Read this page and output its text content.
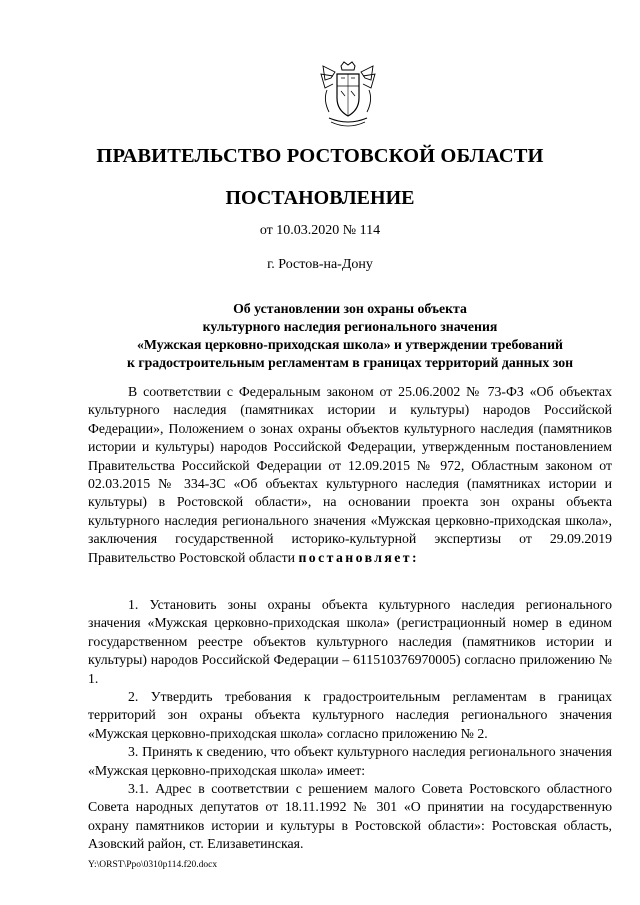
ПРАВИТЕЛЬСТВО РОСТОВСКОЙ ОБЛАСТИ
ПОСТАНОВЛЕНИЕ
от 10.03.2020 № 114
г. Ростов-на-Дону
Об установлении зон охраны объекта
культурного наследия регионального значения
«Мужская церковно-приходская школа» и утверждении требований
к градостроительным регламентам в границах территорий данных зон

В соответствии с Федеральным законом от 25.06.2002 № 73-ФЗ «Об объектах культурного наследия (памятниках истории и культуры) народов Российской Федерации», Положением о зонах охраны объектов культурного наследия (памятников истории и культуры) народов Российской Федерации, утвержденным постановлением Правительства Российской Федерации от 12.09.2015 № 972, Областным законом от 02.03.2015 № 334-ЗС «Об объектах культурного наследия (памятниках истории и культуры) в Ростовской области», на основании проекта зон охраны объекта культурного наследия регионального значения «Мужская церковно-приходская школа», заключения государственной историко-культурной экспертизы от 29.09.2019 Правительство Ростовской области постановляет:

1. Установить зоны охраны объекта культурного наследия регионального значения «Мужская церковно-приходская школа» (регистрационный номер в едином государственном реестре объектов культурного наследия (памятников истории и культуры) народов Российской Федерации – 611510376970005) согласно приложению № 1.

2. Утвердить требования к градостроительным регламентам в границах территорий зон охраны объекта культурного наследия регионального значения «Мужская церковно-приходская школа» согласно приложению № 2.

3. Принять к сведению, что объект культурного наследия регионального значения «Мужская церковно-приходская школа» имеет:

3.1. Адрес в соответствии с решением малого Совета Ростовского областного Совета народных депутатов от 18.11.1992 № 301 «О принятии на государственную охрану памятников истории и культуры в Ростовской области»: Ростовская область, Азовский район, ст. Елизаветинская.

Y:\ORST\Ppo\0310p114.f20.docx
